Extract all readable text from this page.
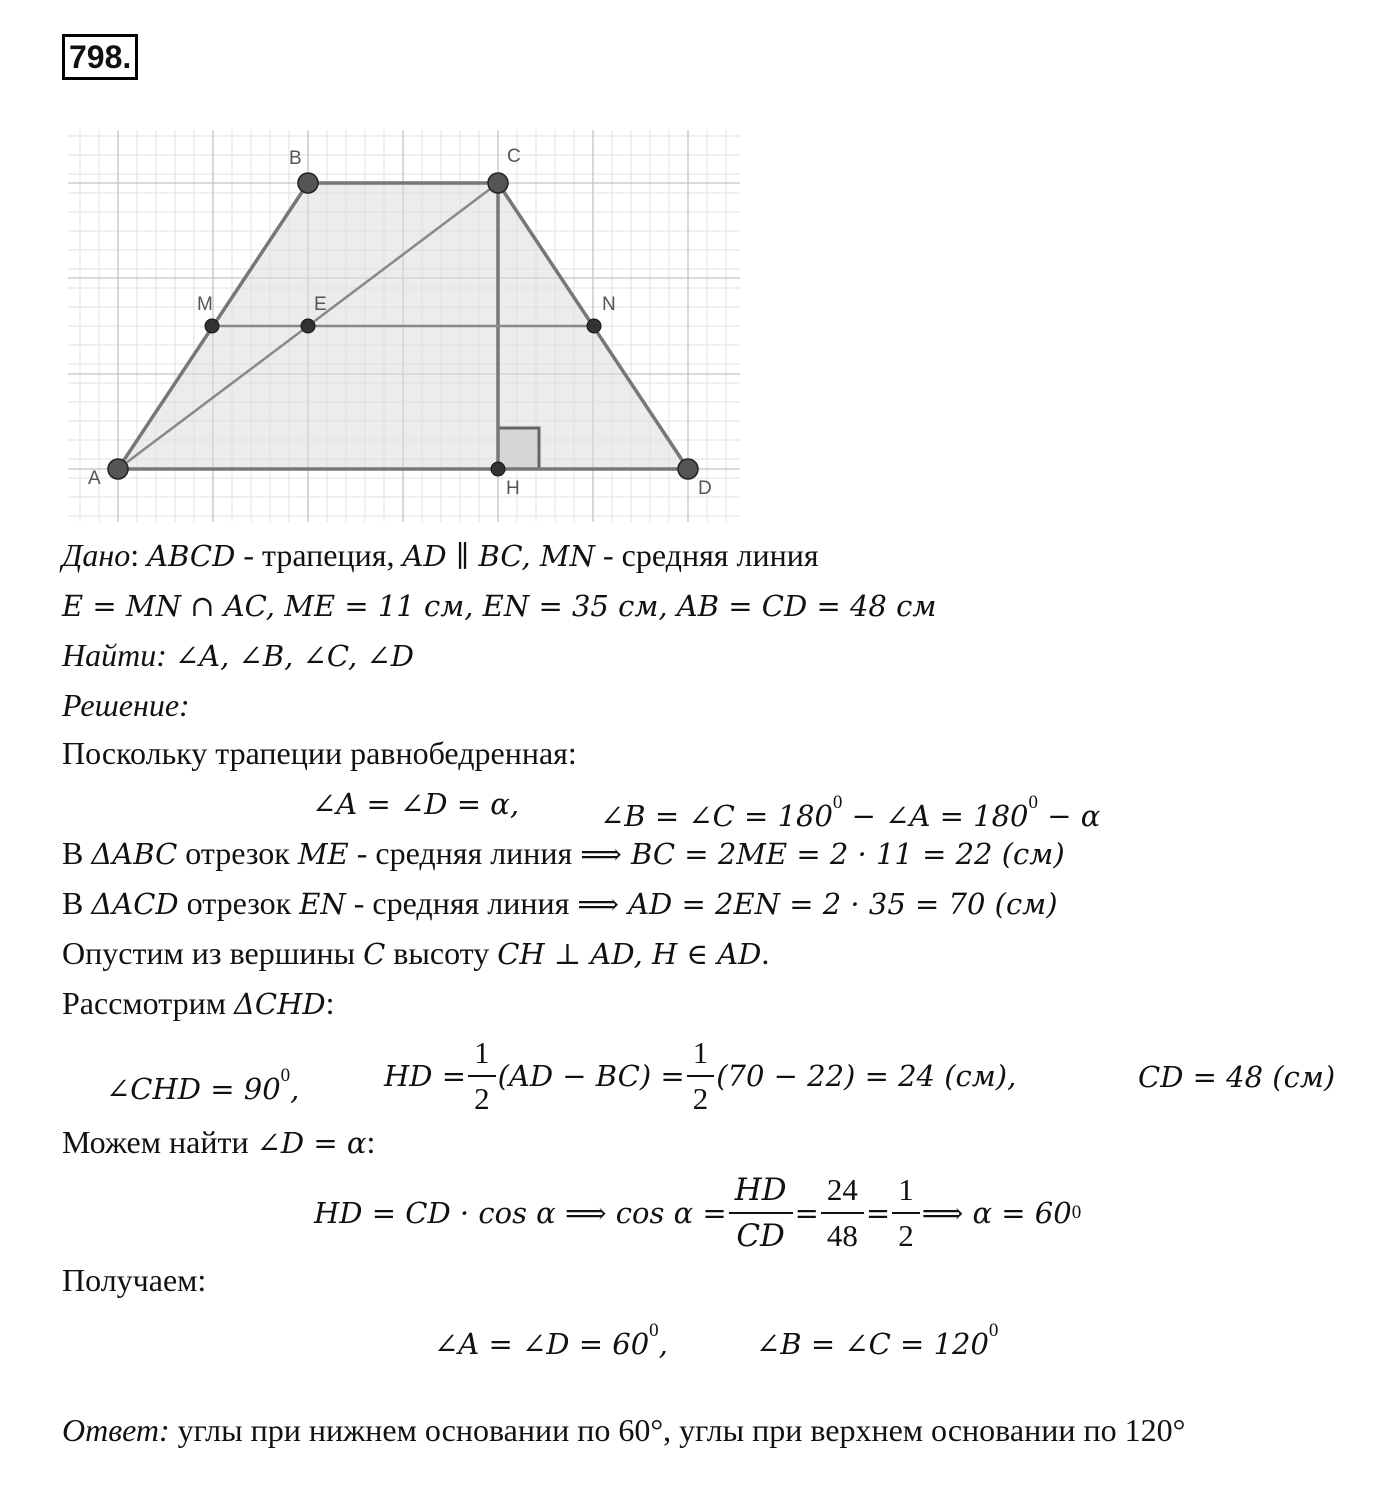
798.
A
B	C
D
M	E	N
H
Дано: ABCD - трапеция, AD ∥ BC, MN - средняя линия
E = MN ∩ AC, ME = 11 см, EN = 35 см, AB = CD = 48 см
Найти: ∠A, ∠B, ∠C, ∠D
Решение:
Поскольку трапеции равнобедренная:
∠A = ∠D = α,	∠B = ∠C = $180^0$ − ∠A = $180^0 - \alpha$
В ΔABC отрезок ME - средняя линия ⟹ BC = 2ME = 2 · 11 = 22 (см)
В ΔACD отрезок EN - средняя линия ⟹ AD = 2EN = 2 · 35 = 70 (см)
Опустим из вершины C высоту CH ⊥ AD, H ∈ AD.
Рассмотрим ΔCHD:
∠CHD = $90^0$,	HD = $\frac{1}{2} (AD - BC) = \frac{1}{2} (70 - 22) = 24$ (см),	CD = 48 (см)
Можем найти ∠D = α:
HD = CD · cos α ⟹ $\cos \alpha = \frac{HD}{CD} = \frac{24}{48} = \frac{1}{2}$ ⟹ α = 60 0
Получаем:
∠A = ∠D = $60^0$,	∠B = ∠C = $120^0$
Ответ: углы при нижнем основании по 60°, углы при верхнем основании по 120°
